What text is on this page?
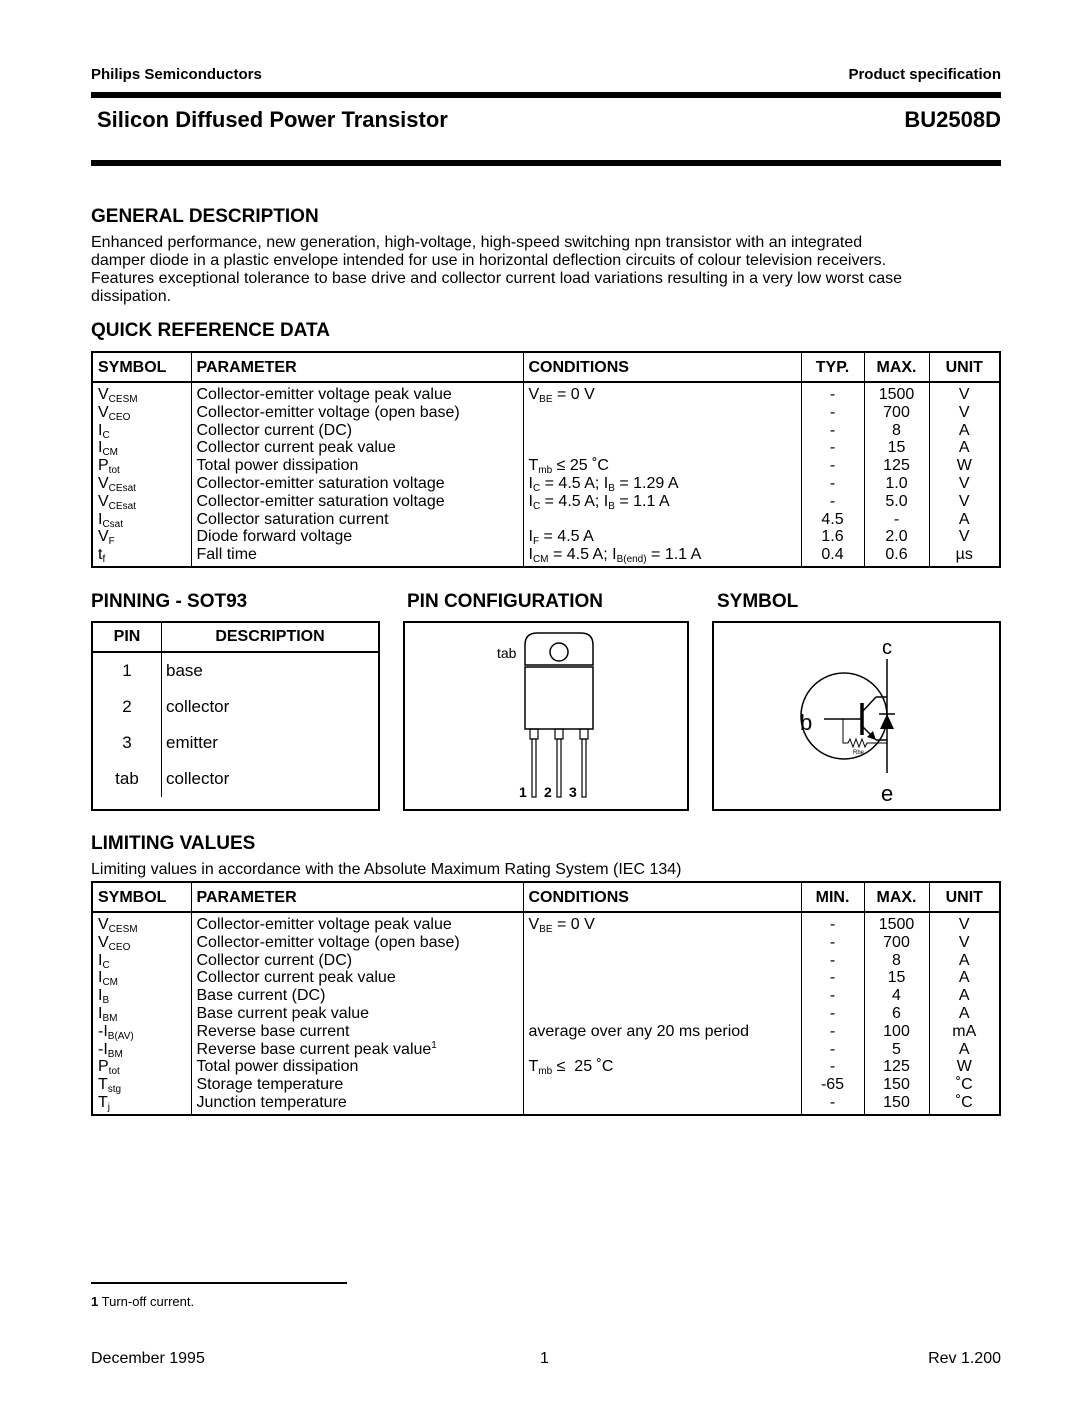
Philips Semiconductors	Product specification
Silicon Diffused Power Transistor	BU2508D
GENERAL DESCRIPTION
Enhanced performance, new generation, high-voltage, high-speed switching npn transistor with an integrated
damper diode in a plastic envelope intended for use in horizontal deflection circuits of colour television receivers.
Features exceptional tolerance to base drive and collector current load variations resulting in a very low worst case
dissipation.
QUICK REFERENCE DATA
SYMBOL	PARAMETER	CONDITIONS	TYP.	MAX.	UNIT
$V_{CESM}$	Collector-emitter voltage peak value	$V_{BE} = 0$ V	-	1500	V
$V_{CEO}$	Collector-emitter voltage (open base)		-	700	V
$I_C$	Collector current (DC)		-	8	A
$I_{CM}$	Collector current peak value		-	15	A
$P_{tot}$	Total power dissipation	$T_{mb} \le 25$ ˚C	-	125	W
$V_{CEsat}$	Collector-emitter saturation voltage	$I_C = 4.5$ A; $I_B = 1.29$ A	-	1.0	V
$V_{CEsat}$	Collector-emitter saturation voltage	$I_C = 4.5$ A; $I_B = 1.1$ A	-	5.0	V
$I_{Csat}$	Collector saturation current		4.5	-	A
$V_F$	Diode forward voltage	$I_F = 4.5$ A	1.6	2.0	V
$t_f$	Fall time	$I_{CM} = 4.5$ A; $I_{B(end)} = 1.1$ A	0.4	0.6	µs
PINNING - SOT93
PIN	DESCRIPTION
1	base
2	collector
3	emitter
tab	collector
PIN CONFIGURATION
tab
1 2 3
SYMBOL
Rbe
c
b
e
LIMITING VALUES
Limiting values in accordance with the Absolute Maximum Rating System (IEC 134)
SYMBOL	PARAMETER	CONDITIONS	MIN.	MAX.	UNIT
$V_{CESM}$	Collector-emitter voltage peak value	$V_{BE} = 0$ V	-	1500	V
$V_{CEO}$	Collector-emitter voltage (open base)		-	700	V
$I_C$	Collector current (DC)		-	8	A
$I_{CM}$	Collector current peak value		-	15	A
$I_B$	Base current (DC)		-	4	A
$I_{BM}$	Base current peak value		-	6	A
$-I_{B(AV)}$	Reverse base current	average over any 20 ms period	-	100	mA
$-I_{BM}$	Reverse base current peak value$^1$		-	5	A
$P_{tot}$	Total power dissipation	$T_{mb} \le 25$ ˚C	-	125	W
$T_{stg}$	Storage temperature		-65	150	˚C
$T_j$	Junction temperature		-	150	˚C
1 Turn-off current.
December 1995	1	Rev 1.200
